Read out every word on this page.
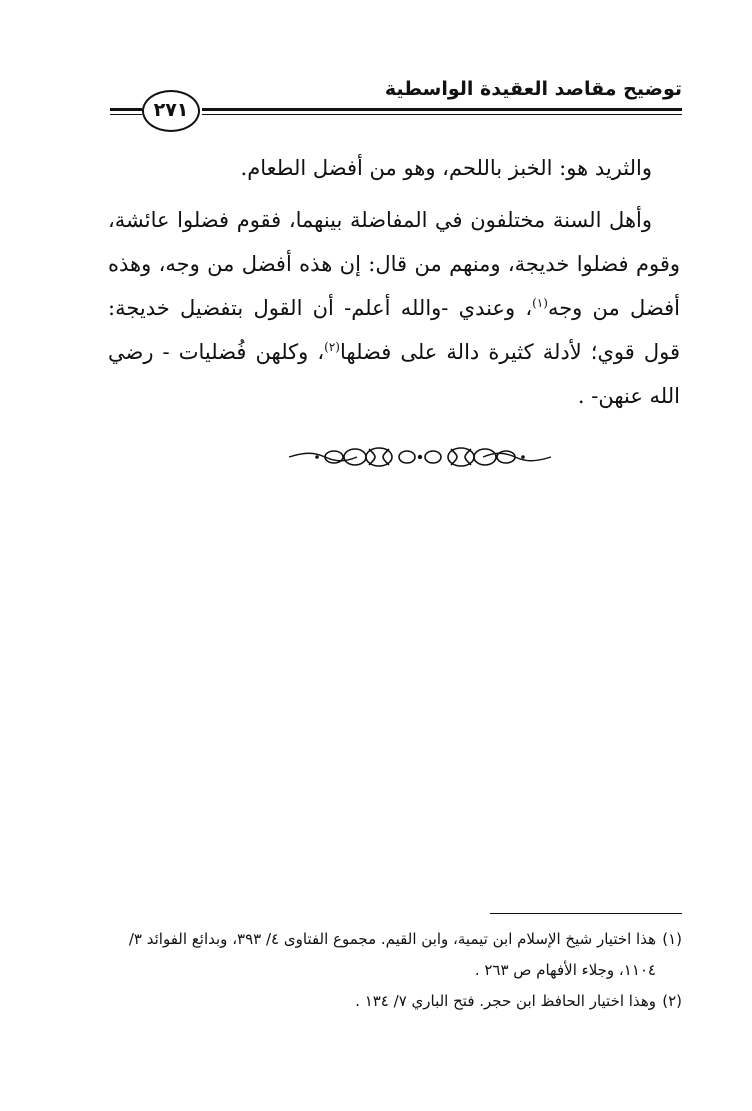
توضيح مقاصد العقيدة الواسطية
٢٧١

والثريد هو: الخبز باللحم، وهو من أفضل الطعام.

وأهل السنة مختلفون في المفاضلة بينهما، فقوم فضلوا عائشة، وقوم فضلوا خديجة، ومنهم من قال: إن هذه أفضل من وجه، وهذه أفضل من وجه$^{(١)}$، وعندي -والله أعلم- أن القول بتفضيل خديجة: قول قوي؛ لأدلة كثيرة دالة على فضلها$^{(٢)}$، وكلهن فُضليات - رضي الله عنهن- .

(١)
هذا اختيار شيخ الإسلام ابن تيمية، وابن القيم. مجموع الفتاوى ٤/ ٣٩٣، وبدائع الفوائد ٣/ ١١٠٤، وجلاء الأفهام ص ٢٦٣ .
(٢)
وهذا اختيار الحافظ ابن حجر. فتح الباري ٧/ ١٣٤ .
